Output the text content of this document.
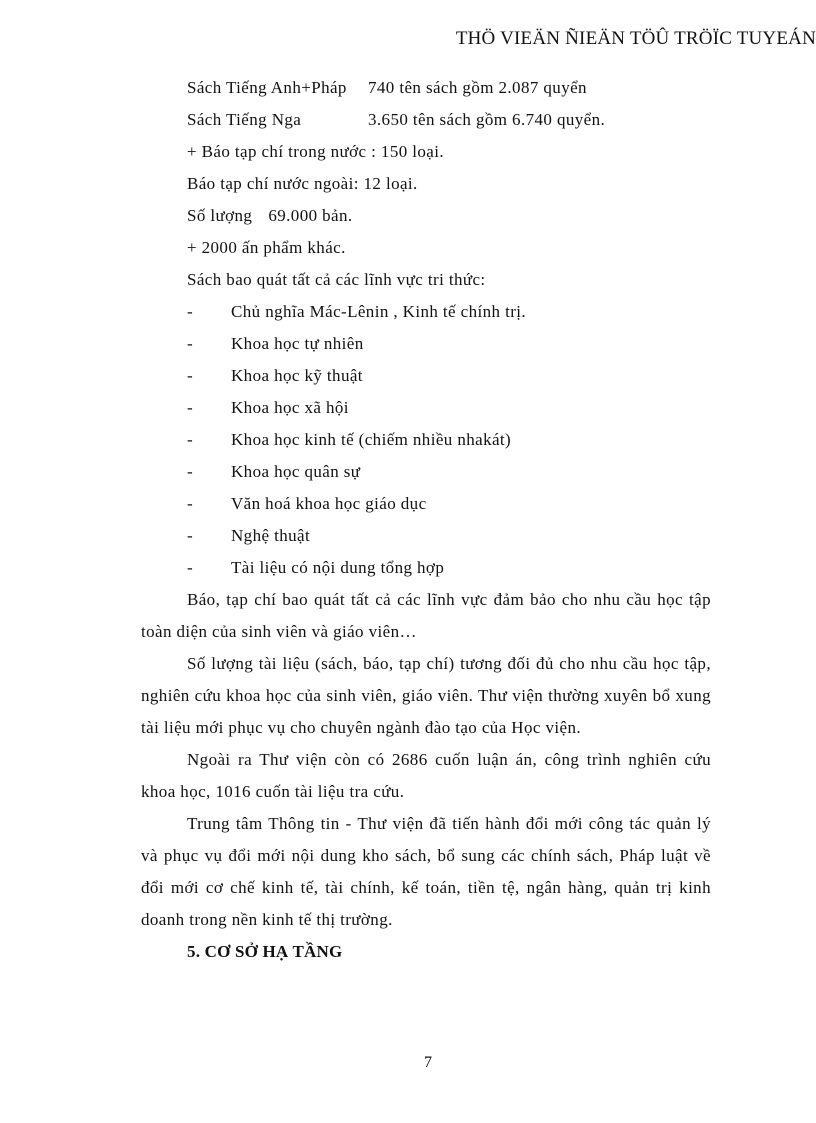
THÖ VIEÄN ÑIEÄN TÖÛ TRÖÏC TUYEÁN
Sách Tiếng Anh+Pháp 740 tên sách gồm 2.087 quyển
Sách Tiếng Nga	3.650 tên sách gồm 6.740 quyển.
+ Báo tạp chí trong nước : 150 loại.
Báo tạp chí nước ngoài: 12 loại.
Số lượng 69.000 bản.
+ 2000 ấn phẩm khác.
Sách bao quát tất cả các lĩnh vực tri thức:
- Chủ nghĩa Mác-Lênin , Kinh tế chính trị.
- Khoa học tự nhiên
- Khoa học kỹ thuật
- Khoa học xã hội
- Khoa học kinh tế (chiếm nhiều nhakát)
- Khoa học quân sự
- Văn hoá khoa học giáo dục
- Nghệ thuật
- Tài liệu có nội dung tổng hợp

Báo, tạp chí bao quát tất cả các lĩnh vực đảm bảo cho nhu cầu học tập toàn diện của sinh viên và giáo viên…

Số lượng tài liệu (sách, báo, tạp chí) tương đối đủ cho nhu cầu học tập, nghiên cứu khoa học của sinh viên, giáo viên. Thư viện thường xuyên bổ xung tài liệu mới phục vụ cho chuyên ngành đào tạo của Học viện.

Ngoài ra Thư viện còn có 2686 cuốn luận án, công trình nghiên cứu khoa học, 1016 cuốn tài liệu tra cứu.

Trung tâm Thông tin - Thư viện đã tiến hành đổi mới công tác quản lý và phục vụ đổi mới nội dung kho sách, bổ sung các chính sách, Pháp luật về đổi mới cơ chế kinh tế, tài chính, kế toán, tiền tệ, ngân hàng, quản trị kinh doanh trong nền kinh tế thị trường.

5. CƠ SỞ HẠ TẦNG
7
